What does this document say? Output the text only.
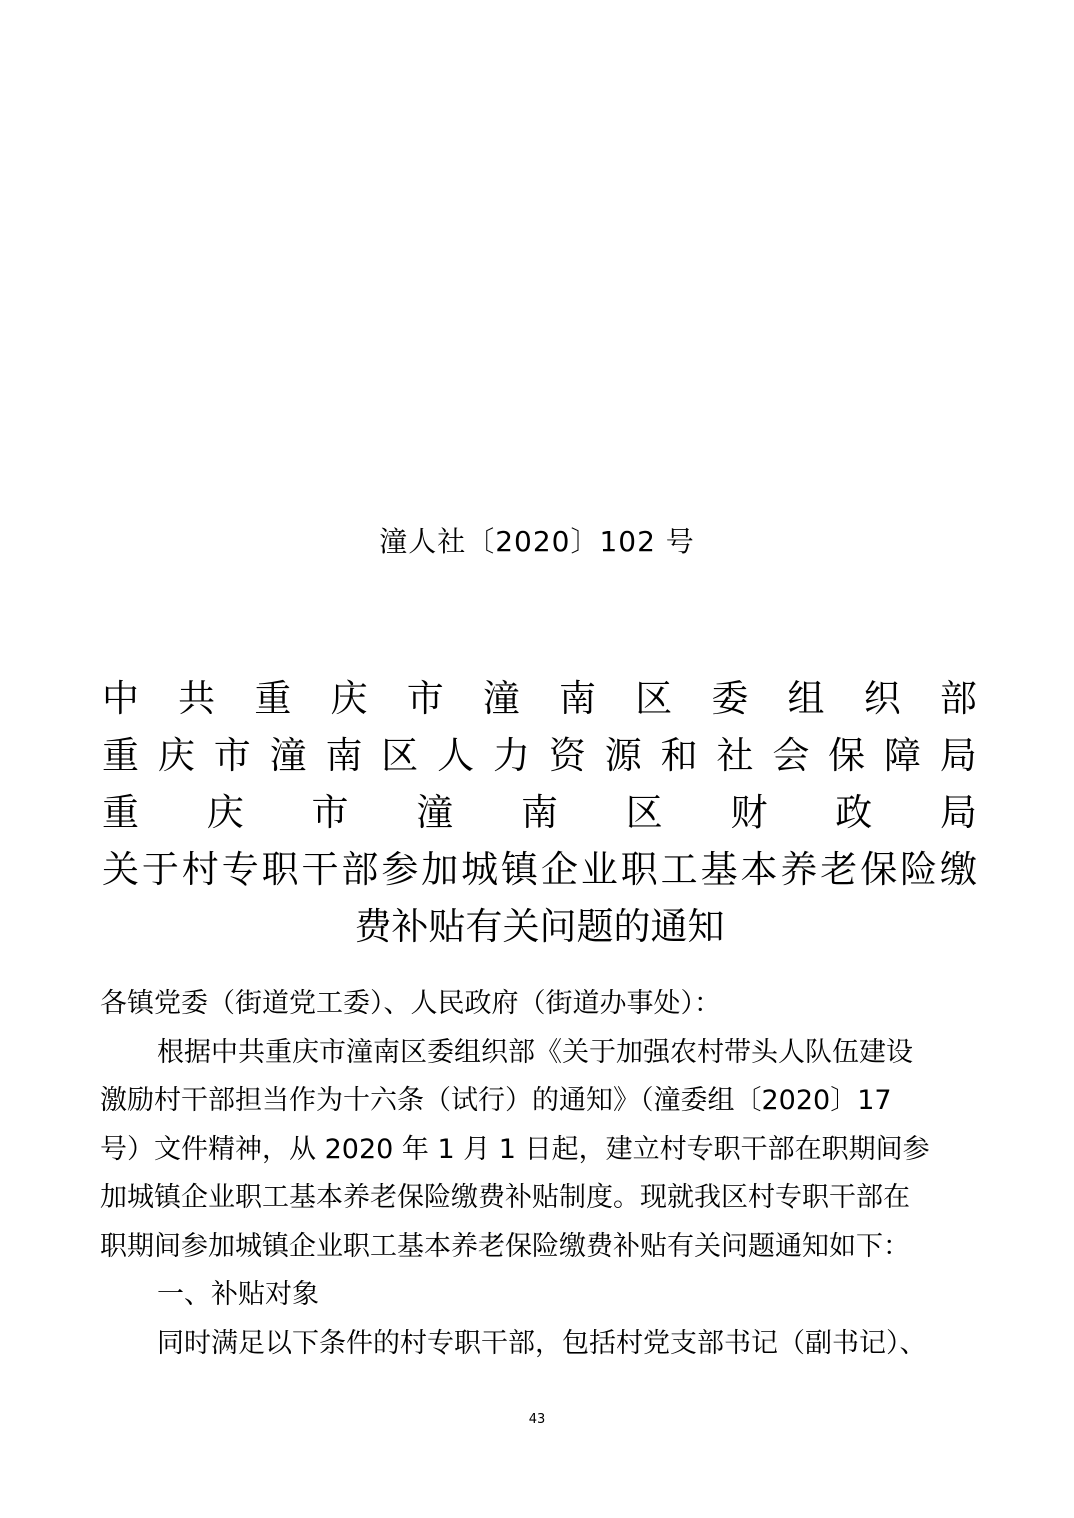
潼人社〔2020〕102 号
中 共 重 庆 市 潼 南 区 委 组 织 部
重 庆 市 潼 南 区 人 力 资 源 和 社 会 保 障 局
重 庆 市 潼 南 区 财 政 局
关于村专职干部参加城镇企业职工基本养老保险缴
费补贴有关问题的通知

各镇党委（街道党工委）、人民政府（街道办事处）：

根据中共重庆市潼南区委组织部《关于加强农村带头人队伍建设

激励村干部担当作为十六条（试行）的通知》（潼委组〔2020〕17

号）文件精神，从 2020 年 1 月 1 日起，建立村专职干部在职期间参

加城镇企业职工基本养老保险缴费补贴制度。现就我区村专职干部在

职期间参加城镇企业职工基本养老保险缴费补贴有关问题通知如下：

一、补贴对象

同时满足以下条件的村专职干部，包括村党支部书记（副书记）、

43
